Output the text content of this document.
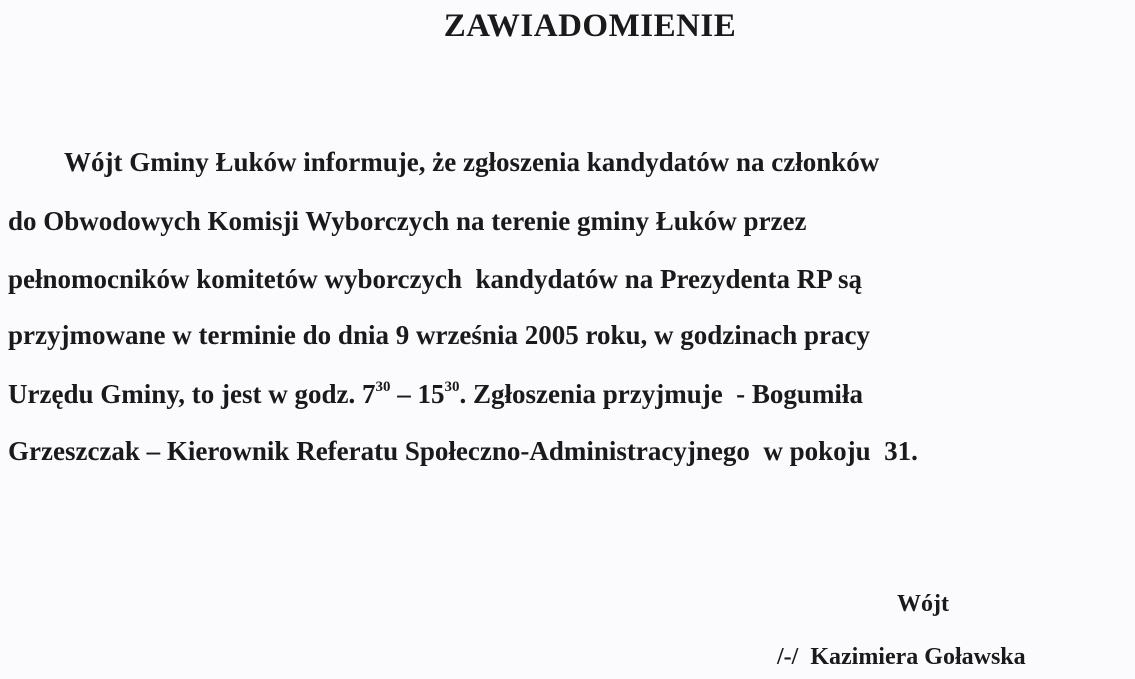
ZAWIADOMIENIE

Wójt Gminy Łuków informuje, że zgłoszenia kandydatów na członków

do Obwodowych Komisji Wyborczych na terenie gminy Łuków przez

pełnomocników komitetów wyborczych  kandydatów na Prezydenta RP są

przyjmowane w terminie do dnia 9 września 2005 roku, w godzinach pracy

Urzędu Gminy, to jest w godz. $7^{30} - 15^{30}$. Zgłoszenia przyjmuje  - Bogumiła

Grzeszczak – Kierownik Referatu Społeczno-Administracyjnego  w pokoju  31.

Wójt

/-/  Kazimiera Goławska
